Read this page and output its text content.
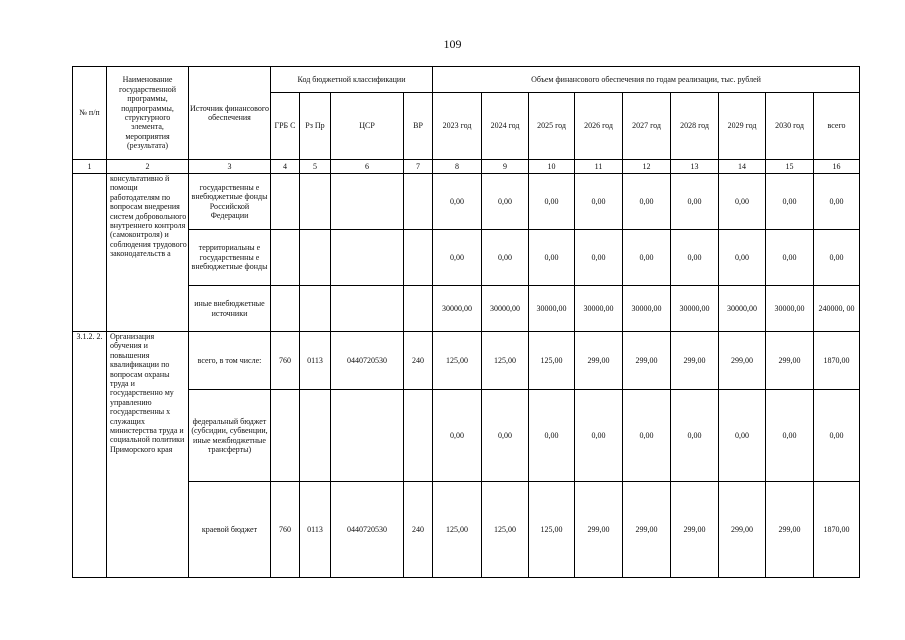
109
№ п/п	Наименование государственной программы, подпрограммы, структурного элемента, мероприятия (результата)	Источник финансового обеспечения	Код бюджетной классификации				Объем финансового обеспечения по годам реализации, тыс. рублей								
			ГРБ С	Рз Пр	ЦСР	ВР	2023 год	2024 год	2025 год	2026 год	2027 год	2028 год	2029 год	2030 год	всего
1	2	3	4	5	6	7	8	9	10	11	12	13	14	15	16
	консультативно й помощи работодателям по вопросам внедрения систем добровольного внутреннего контроля (самоконтроля) и соблюдения трудового законодательств а	государственны е внебюджетные фонды Российской Федерации					0,00	0,00	0,00	0,00	0,00	0,00	0,00	0,00	0,00
		территориальны е государственны е внебюджетные фонды					0,00	0,00	0,00	0,00	0,00	0,00	0,00	0,00	0,00
		иные внебюджетные источники					30000,00	30000,00	30000,00	30000,00	30000,00	30000,00	30000,00	30000,00	240000, 00
3.1.2. 2.	Организация обучения и повышения квалификации по вопросам охраны труда и государственно му управлению государственны х служащих министерства труда и социальной политики Приморского края	всего, в том числе:	760	0113	0440720530	240	125,00	125,00	125,00	299,00	299,00	299,00	299,00	299,00	1870,00
		федеральный бюджет (субсидии, субвенции, иные межбюджетные трансферты)					0,00	0,00	0,00	0,00	0,00	0,00	0,00	0,00	0,00
		краевой бюджет	760	0113	0440720530	240	125,00	125,00	125,00	299,00	299,00	299,00	299,00	299,00	1870,00
